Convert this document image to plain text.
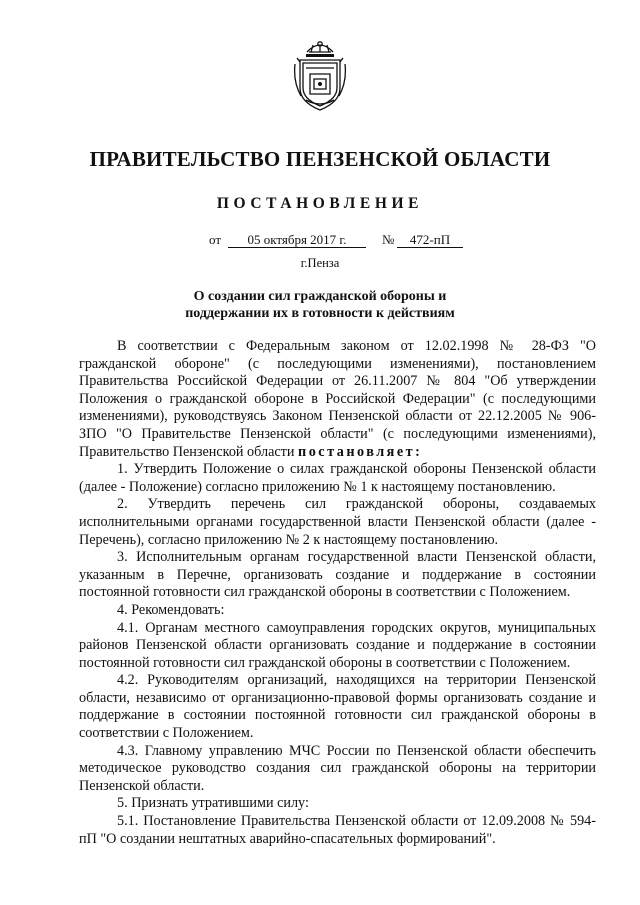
ПРАВИТЕЛЬСТВО ПЕНЗЕНСКОЙ ОБЛАСТИ
ПОСТАНОВЛЕНИЕ
от	05 октября 2017 г.	№	472-пП
г.Пенза
О создании сил гражданской обороны и
поддержании их в готовности к действиям

В соответствии с Федеральным законом от 12.02.1998 № 28-ФЗ "О гражданской обороне" (с последующими изменениями), постановлением Правительства Российской Федерации от 26.11.2007 № 804 "Об утверждении Положения о гражданской обороне в Российской Федерации" (с последующими изменениями), руководствуясь Законом Пензенской области от 22.12.2005 № 906-ЗПО "О Правительстве Пензенской области" (с последующими изменениями), Правительство Пензенской области постановляет:

1. Утвердить Положение о силах гражданской обороны Пензенской области (далее - Положение) согласно приложению № 1 к настоящему постановлению.

2. Утвердить перечень сил гражданской обороны, создаваемых исполнительными органами государственной власти Пензенской области (далее - Перечень), согласно приложению № 2 к настоящему постановлению.

3. Исполнительным органам государственной власти Пензенской области, указанным в Перечне, организовать создание и поддержание в состоянии постоянной готовности сил гражданской обороны в соответствии с Положением.

4. Рекомендовать:

4.1. Органам местного самоуправления городских округов, муниципальных районов Пензенской области организовать создание и поддержание в состоянии постоянной готовности сил гражданской обороны в соответствии с Положением.

4.2. Руководителям организаций, находящихся на территории Пензенской области, независимо от организационно-правовой формы организовать создание и поддержание в состоянии постоянной готовности сил гражданской обороны в соответствии с Положением.

4.3. Главному управлению МЧС России по Пензенской области обеспечить методическое руководство создания сил гражданской обороны на территории Пензенской области.

5. Признать утратившими силу:

5.1. Постановление Правительства Пензенской области от 12.09.2008 № 594-пП "О создании нештатных аварийно-спасательных формирований".
